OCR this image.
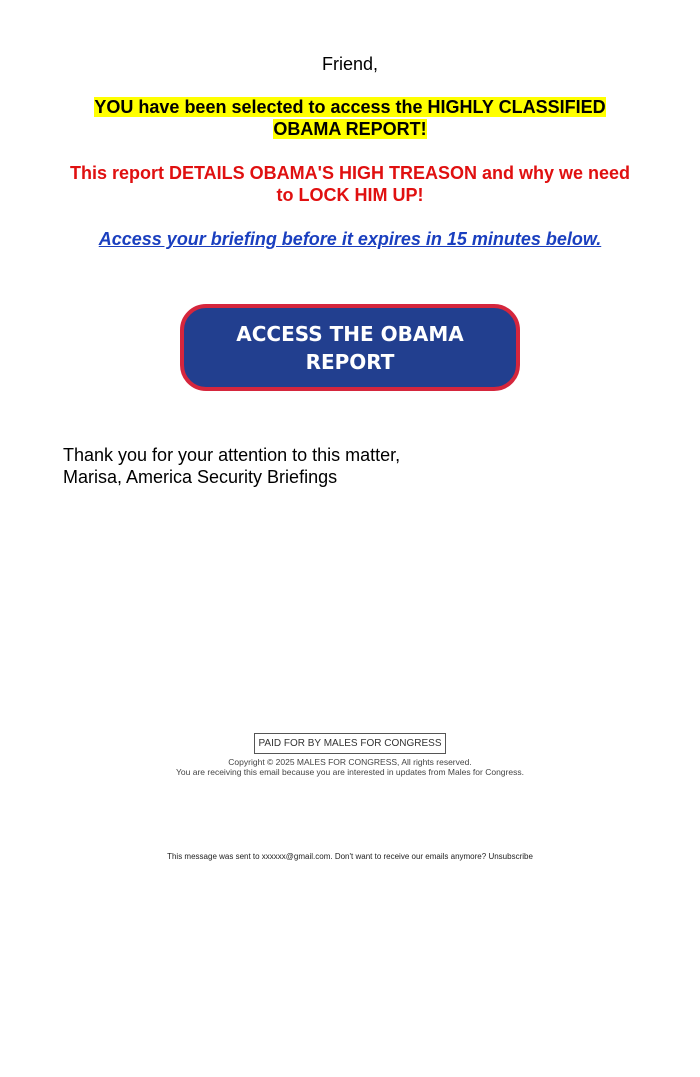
Friend,
YOU have been selected to access the HIGHLY CLASSIFIED OBAMA REPORT!
This report DETAILS OBAMA'S HIGH TREASON and why we need to LOCK HIM UP!
Access your briefing before it expires in 15 minutes below.
ACCESS THE OBAMA REPORT
Thank you for your attention to this matter,
Marisa, America Security Briefings
PAID FOR BY MALES FOR CONGRESS
Copyright © 2025 MALES FOR CONGRESS, All rights reserved.
You are receiving this email because you are interested in updates from Males for Congress.
This message was sent to xxxxxx@gmail.com. Don't want to receive our emails anymore? Unsubscribe
